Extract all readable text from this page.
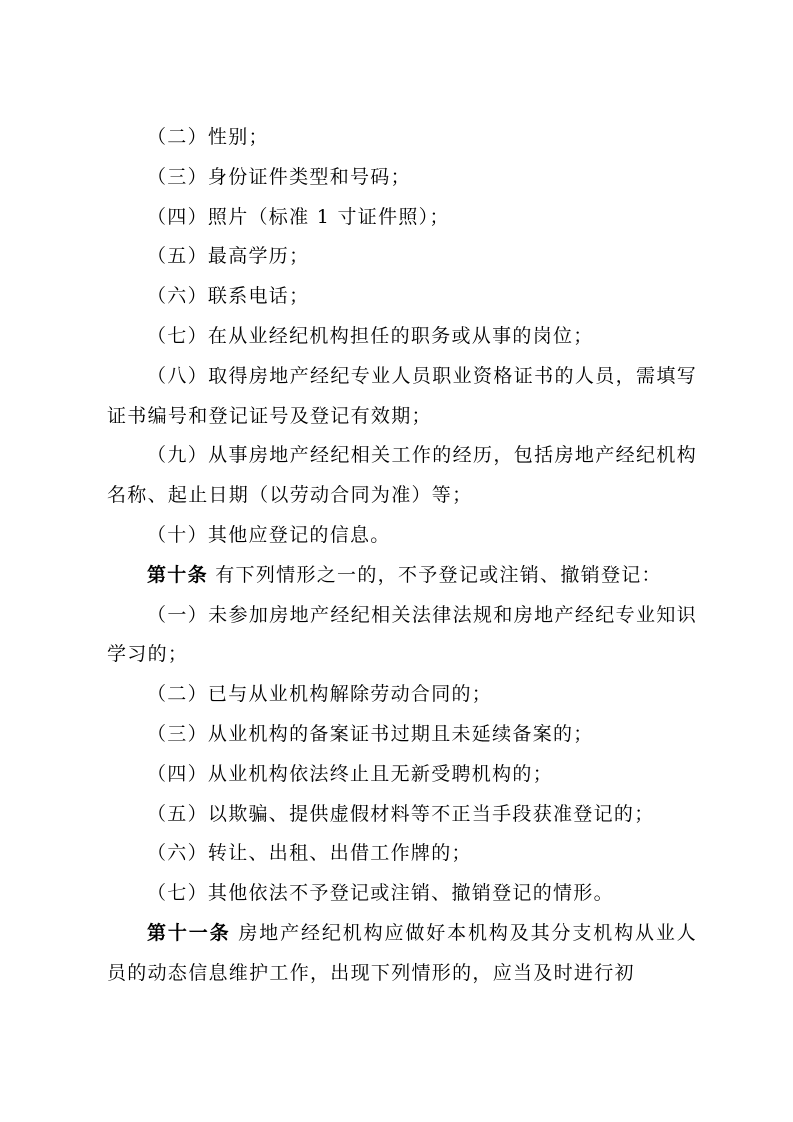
（二）性别；

（三）身份证件类型和号码；

（四）照片（标准 1 寸证件照）；

（五）最高学历；

（六）联系电话；

（七）在从业经纪机构担任的职务或从事的岗位；

（八）取得房地产经纪专业人员职业资格证书的人员，需填写证书编号和登记证号及登记有效期；

（九）从事房地产经纪相关工作的经历，包括房地产经纪机构名称、起止日期（以劳动合同为准）等；

（十）其他应登记的信息。

第十条 有下列情形之一的，不予登记或注销、撤销登记：

（一）未参加房地产经纪相关法律法规和房地产经纪专业知识学习的；

（二）已与从业机构解除劳动合同的；

（三）从业机构的备案证书过期且未延续备案的；

（四）从业机构依法终止且无新受聘机构的；

（五）以欺骗、提供虚假材料等不正当手段获准登记的；

（六）转让、出租、出借工作牌的；

（七）其他依法不予登记或注销、撤销登记的情形。

第十一条 房地产经纪机构应做好本机构及其分支机构从业人员的动态信息维护工作，出现下列情形的，应当及时进行初
